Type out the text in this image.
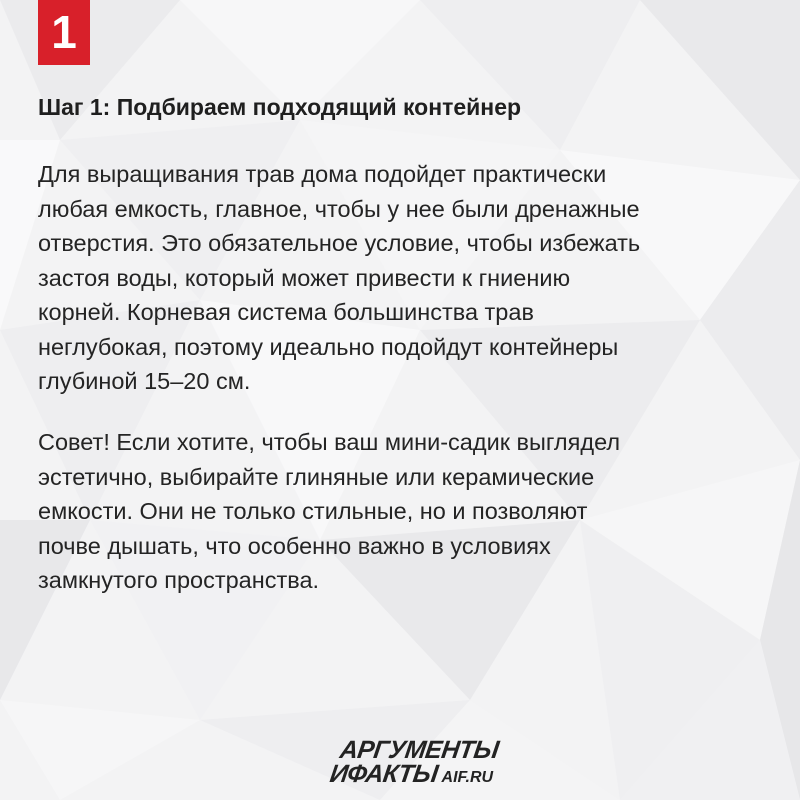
1
Шаг 1: Подбираем подходящий контейнер

Для выращивания трав дома подойдет практически
любая емкость, главное, чтобы у нее были дренажные
отверстия. Это обязательное условие, чтобы избежать
застоя воды, который может привести к гниению
корней. Корневая система большинства трав
неглубокая, поэтому идеально подойдут контейнеры
глубиной 15–20 см.

Совет! Если хотите, чтобы ваш мини-садик выглядел
эстетично, выбирайте глиняные или керамические
емкости. Они не только стильные, но и позволяют
почве дышать, что особенно важно в условиях
замкнутого пространства.

АРГУМЕНТЫ
ИФАКТЫ AIF.RU
